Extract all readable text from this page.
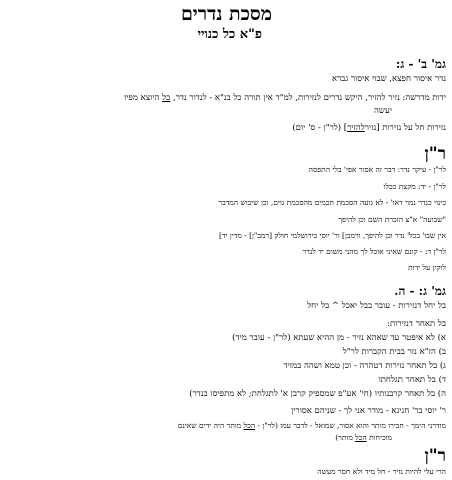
מסכת נדרים
פ"א כל כנויי
גמ' ב' - ג:
נדר איסור חפצא, שבוי איסור גברא
ידות מדרשה: נזיר להזיר, היקש נדרים לנזירות, למ"ד אין תורה כל בנ"א - לנדור נדר, כל היוצא מפיו
יעשה
נזירות חל על נזירות [נזירלהזיר] (לר"ן - ס' יום)
ר"ן
לר"ן - עיקר נדר: דבר זה אסור אפי' בלי התפסה
לר"ן - יד: מקצת ככלו
כינוי כנדר נמוי דאו' - לא גועה הסכמת חכמים מהסכמת גוים, וכן שיבוש המדבר
"שבועה" א"צ הזכרת השם וכן להיפך
אין שבו' בכל' נדר וכן להיפך, ורמבן] ור' יוסי בירושלמי חולק [רמב"ן] - מדין יד]
לר"ן ד: - קונם שאיני אוכל לך מהני משום יד לנדר
לוקין על ידות
גמ' ג: - ה.
בל יחל דנזירות - עובר בבל יאכל ^ בל יחל
בל תאחר דנזירות:
א) לא איפטר עד שאהא נזיר - מן ההיא שעתא (לר"ן - עובר מיד)
ב) הז"א נזר בבית הקברות לר"ל
ג) בל תאחר נזירות דטהרה - וכן טמא ושהה במזיד
ד) בל תאחר תגלחתו
ה) בל תאחר קרבנותיו (חי' אע"פ שמספיק קרבן א' לתגלחת; לא מתפיסו בנדר)
ר' יוסי בר' חנינא - מודר אני לך - שניהם אסורין
מודרני הימך - חבירו מותר והוא אסור, שמואל - לדבר עמו (לר"ן - הכל מותר היה ידים שאינם
מוכיחות הכל מותר)
ר"ן
הרי עלי להיות נזיר - חל מיד ולא חסר מעשה
